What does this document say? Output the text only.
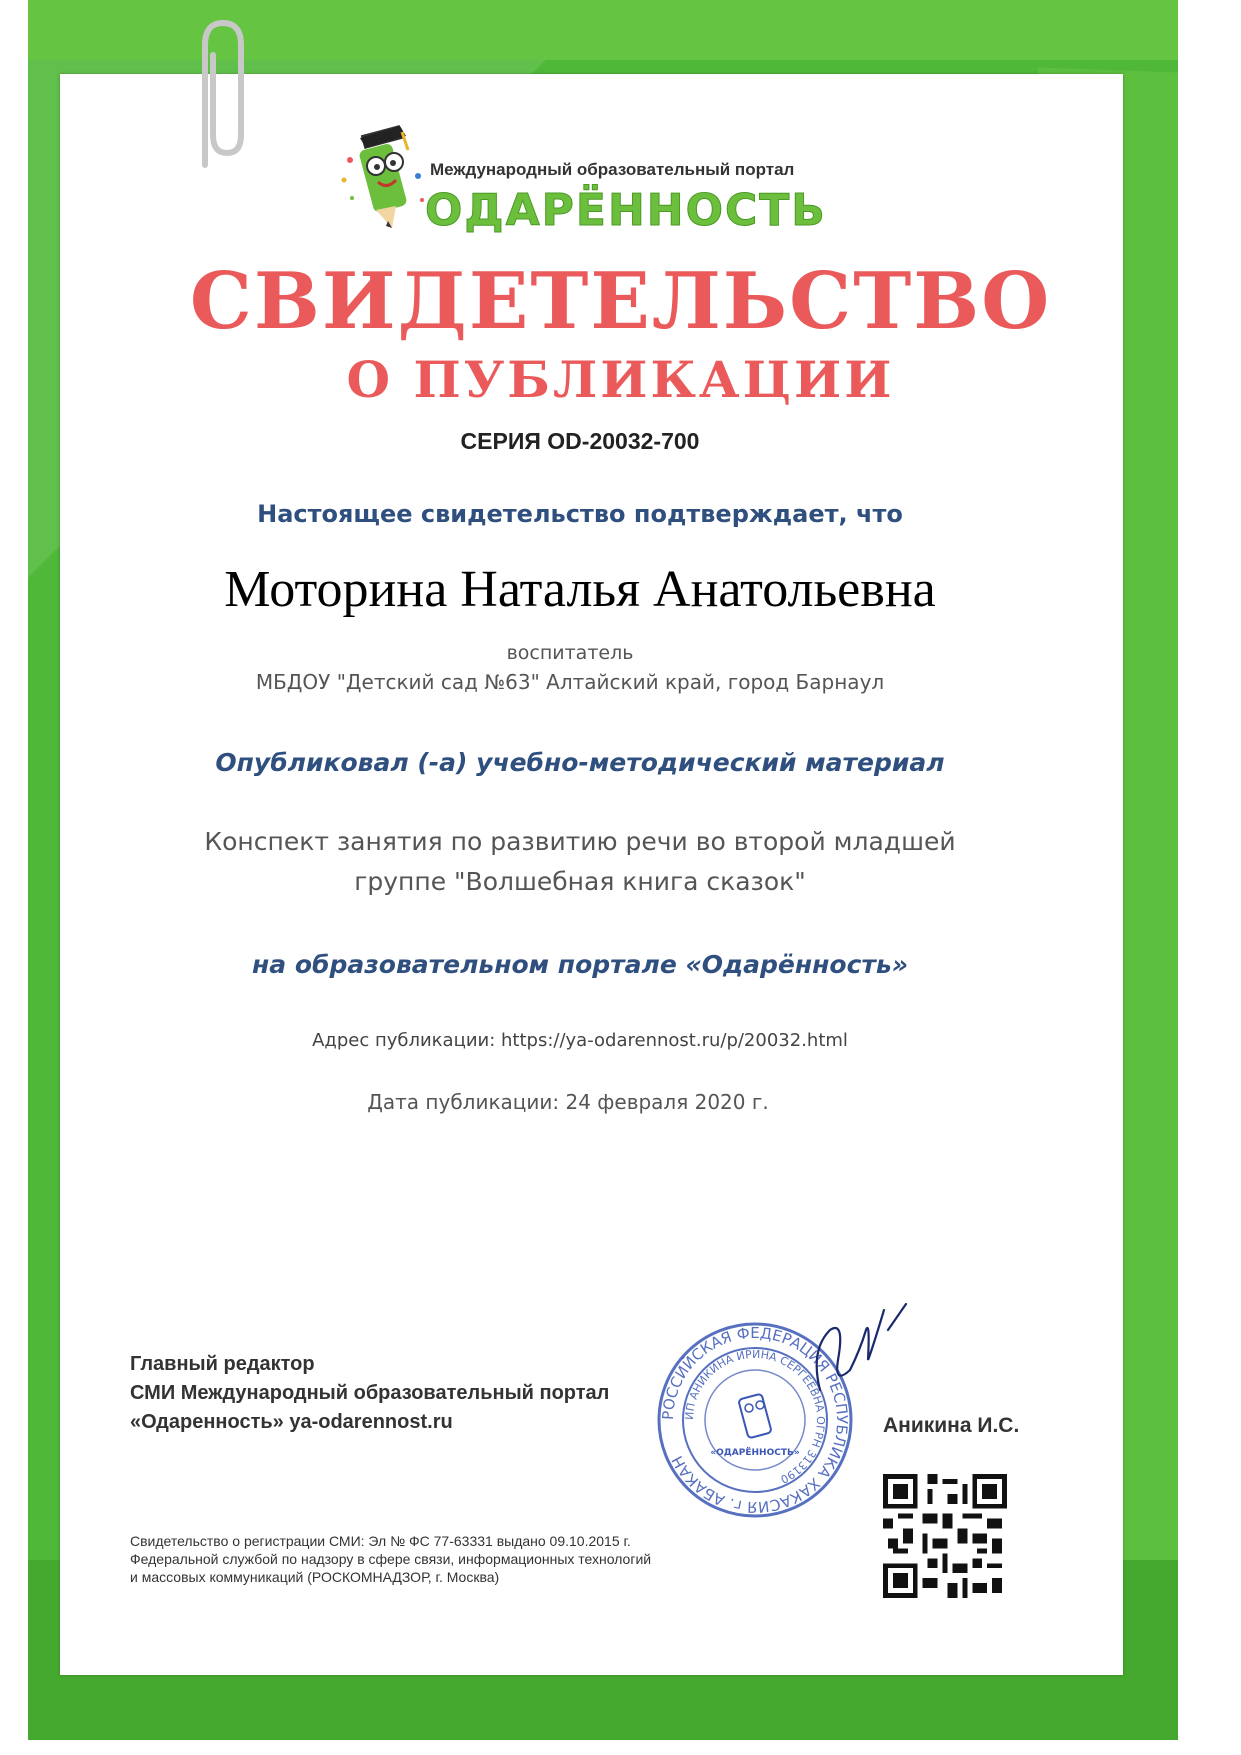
Международный образовательный портал
ОДАРЁННОСТЬ
СВИДЕТЕЛЬСТВО
О ПУБЛИКАЦИИ
СЕРИЯ OD-20032-700
Настоящее свидетельство подтверждает, что
Моторина Наталья Анатольевна
воспитатель
МБДОУ "Детский сад №63" Алтайский край, город Барнаул
Опубликовал (-а) учебно-методический материал
Конспект занятия по развитию речи во второй младшей
группе "Волшебная книга сказок"
на образовательном портале «Одарённость»
Адрес публикации: https://ya-odarennost.ru/p/20032.html
Дата публикации: 24 февраля 2020 г.
Главный редактор
СМИ Международный образовательный портал
«Одаренность» ya-odarennost.ru
Свидетельство о регистрации СМИ: Эл № ФС 77-63331 выдано 09.10.2015 г.
Федеральной службой по надзору в сфере связи, информационных технологий
и массовых коммуникаций (РОСКОМНАДЗОР, г. Москва)
РОССИЙСКАЯ ФЕДЕРАЦИЯ РЕСПУБЛИКА ХАКАСИЯ г. АБАКАН
ИП АНИКИНА ИРИНА СЕРГЕЕВНА ОГРН 313190
«ОДАРЁННОСТЬ»
Аникина И.С.
